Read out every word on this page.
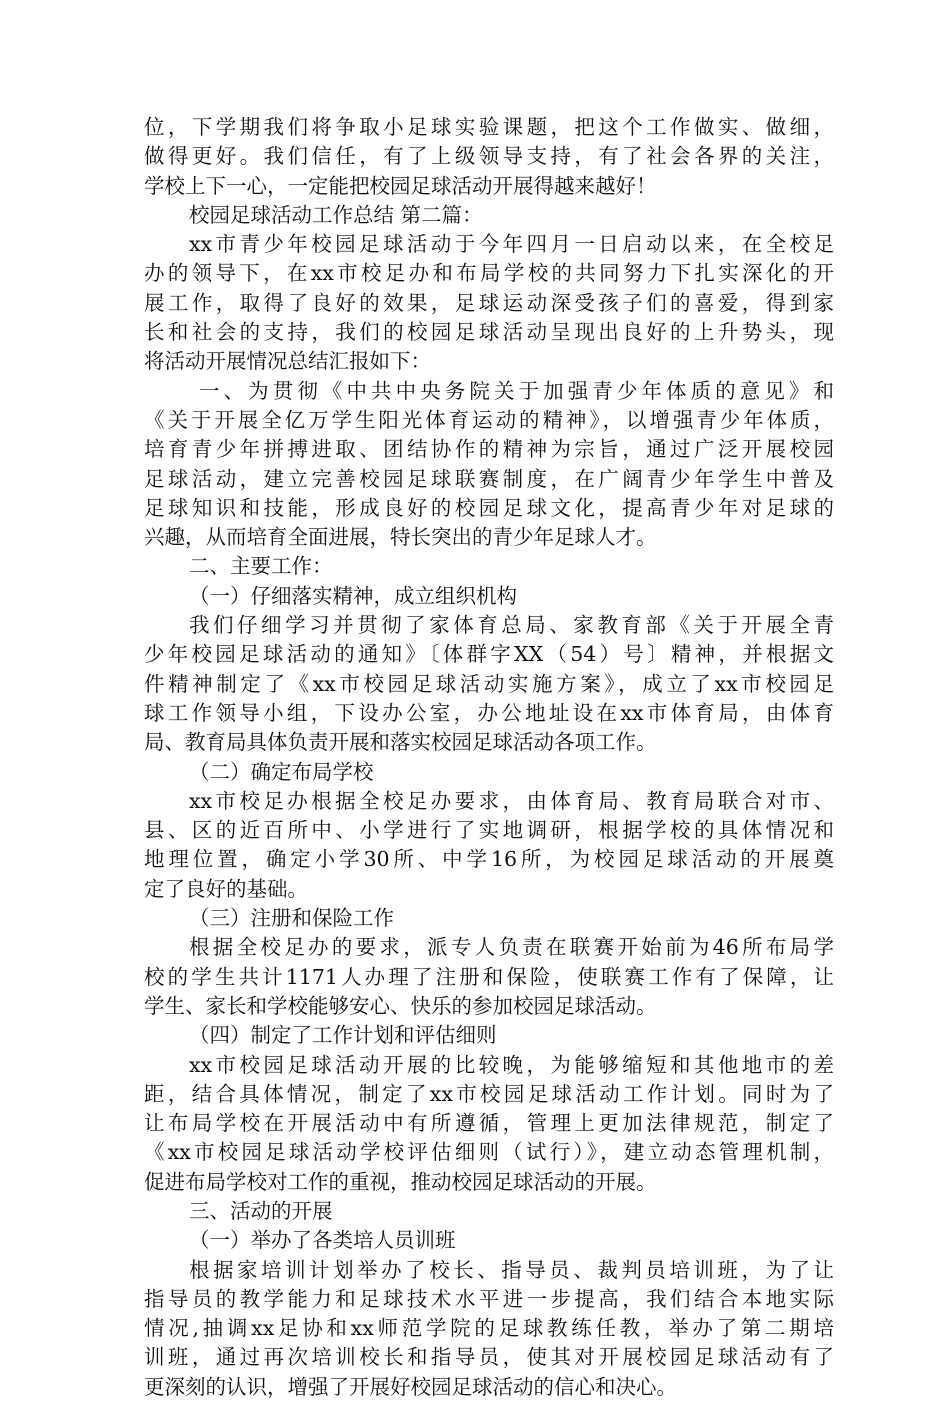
位，下学期我们将争取小足球实验课题，把这个工作做实、做细，
做得更好。我们信任，有了上级领导支持，有了社会各界的关注，
学校上下一心，一定能把校园足球活动开展得越来越好！
校园足球活动工作总结 第二篇：
xx市青少年校园足球活动于今年四月一日启动以来，在全校足
办的领导下，在xx市校足办和布局学校的共同努力下扎实深化的开
展工作，取得了良好的效果，足球运动深受孩子们的喜爱，得到家
长和社会的支持，我们的校园足球活动呈现出良好的上升势头，现
将活动开展情况总结汇报如下：
一、为贯彻《中共中央务院关于加强青少年体质的意见》和
《关于开展全亿万学生阳光体育运动的精神》，以增强青少年体质，
培育青少年拼搏进取、团结协作的精神为宗旨，通过广泛开展校园
足球活动，建立完善校园足球联赛制度，在广阔青少年学生中普及
足球知识和技能，形成良好的校园足球文化，提高青少年对足球的
兴趣，从而培育全面进展，特长突出的青少年足球人才。
二、主要工作：
（一）仔细落实精神，成立组织机构
我们仔细学习并贯彻了家体育总局、家教育部《关于开展全青
少年校园足球活动的通知》〔体群字XX（54）号〕精神，并根据文
件精神制定了《xx市校园足球活动实施方案》，成立了xx市校园足
球工作领导小组，下设办公室，办公地址设在xx市体育局，由体育
局、教育局具体负责开展和落实校园足球活动各项工作。
（二）确定布局学校
xx市校足办根据全校足办要求，由体育局、教育局联合对市、
县、区的近百所中、小学进行了实地调研，根据学校的具体情况和
地理位置，确定小学30所、中学16所，为校园足球活动的开展奠
定了良好的基础。
（三）注册和保险工作
根据全校足办的要求，派专人负责在联赛开始前为46所布局学
校的学生共计1171人办理了注册和保险，使联赛工作有了保障，让
学生、家长和学校能够安心、快乐的参加校园足球活动。
（四）制定了工作计划和评估细则
xx市校园足球活动开展的比较晚，为能够缩短和其他地市的差
距，结合具体情况，制定了xx市校园足球活动工作计划。同时为了
让布局学校在开展活动中有所遵循，管理上更加法律规范，制定了
《xx市校园足球活动学校评估细则（试行）》，建立动态管理机制，
促进布局学校对工作的重视，推动校园足球活动的开展。
三、活动的开展
（一）举办了各类培人员训班
根据家培训计划举办了校长、指导员、裁判员培训班，为了让
指导员的教学能力和足球技术水平进一步提高，我们结合本地实际
情况,抽调xx足协和xx师范学院的足球教练任教，举办了第二期培
训班，通过再次培训校长和指导员，使其对开展校园足球活动有了
更深刻的认识，增强了开展好校园足球活动的信心和决心。
